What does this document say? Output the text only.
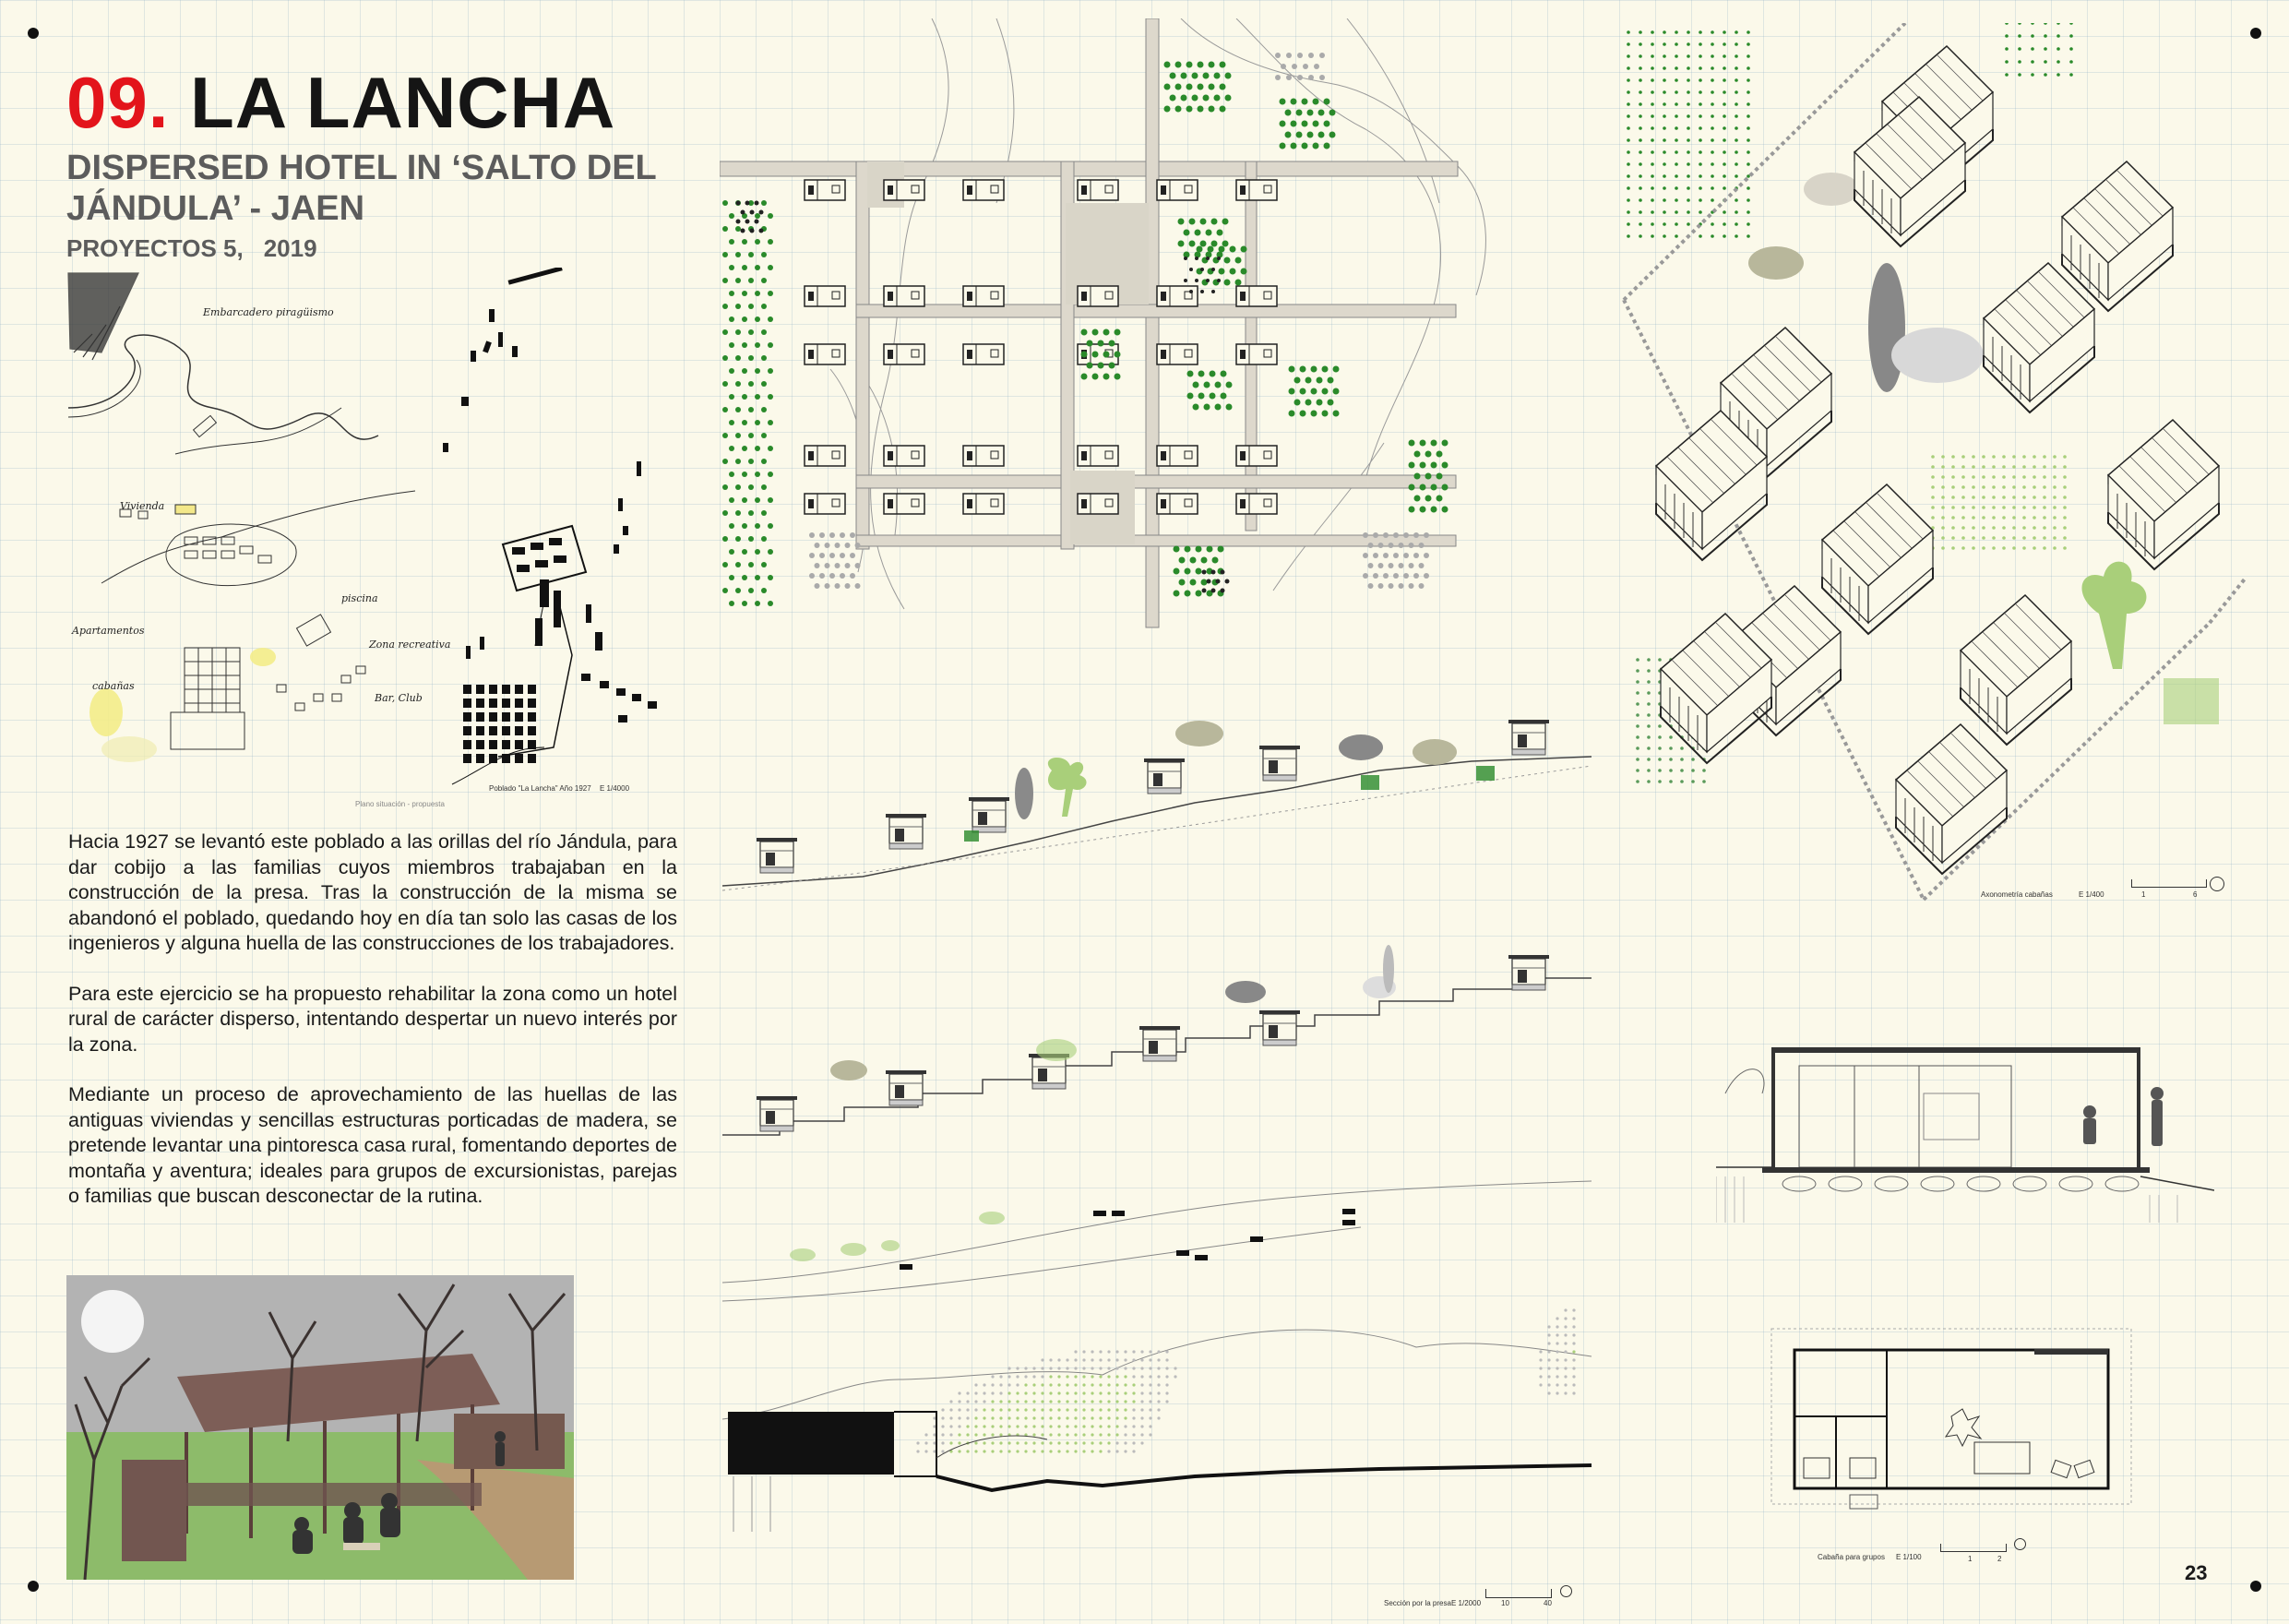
09. LA LANCHA
DISPERSED HOTEL IN ‘SALTO DEL JÁNDULA’ - JAEN
PROYECTOS 5, 2019
Embarcadero piragüismo
Vivienda
Apartamentos
piscina
Zona recreativa
Bar, Club
cabañas
Plano situación - propuesta
Poblado "La Lancha" Año 1927 E 1/4000

Hacia 1927 se levantó este poblado a las orillas del río Jándula, para dar cobijo a las familias cuyos miembros trabajaban en la construcción de la presa. Tras la construcción de la misma se abandonó el poblado, quedando hoy en día tan solo las casas de los ingenieros y alguna huella de las construcciones de los trabajadores.

Para este ejercicio se ha propuesto rehabilitar la zona como un hotel rural de carácter disperso, intentando despertar un nuevo interés por la zona.

Mediante un proceso de aprovechamiento de las huellas de las antiguas viviendas y sencillas estructuras porticadas de madera, se pretende levantar una pintoresca casa rural, fomentando deportes de montaña y aventura; ideales para grupos de excursionistas, parejas o familias que buscan desconectar de la rutina.

Sección por la presa E 1/2000	10	40
Axonometría cabañas	E 1/400	1	6
Cabaña para grupos E 1/100	1	2
23
